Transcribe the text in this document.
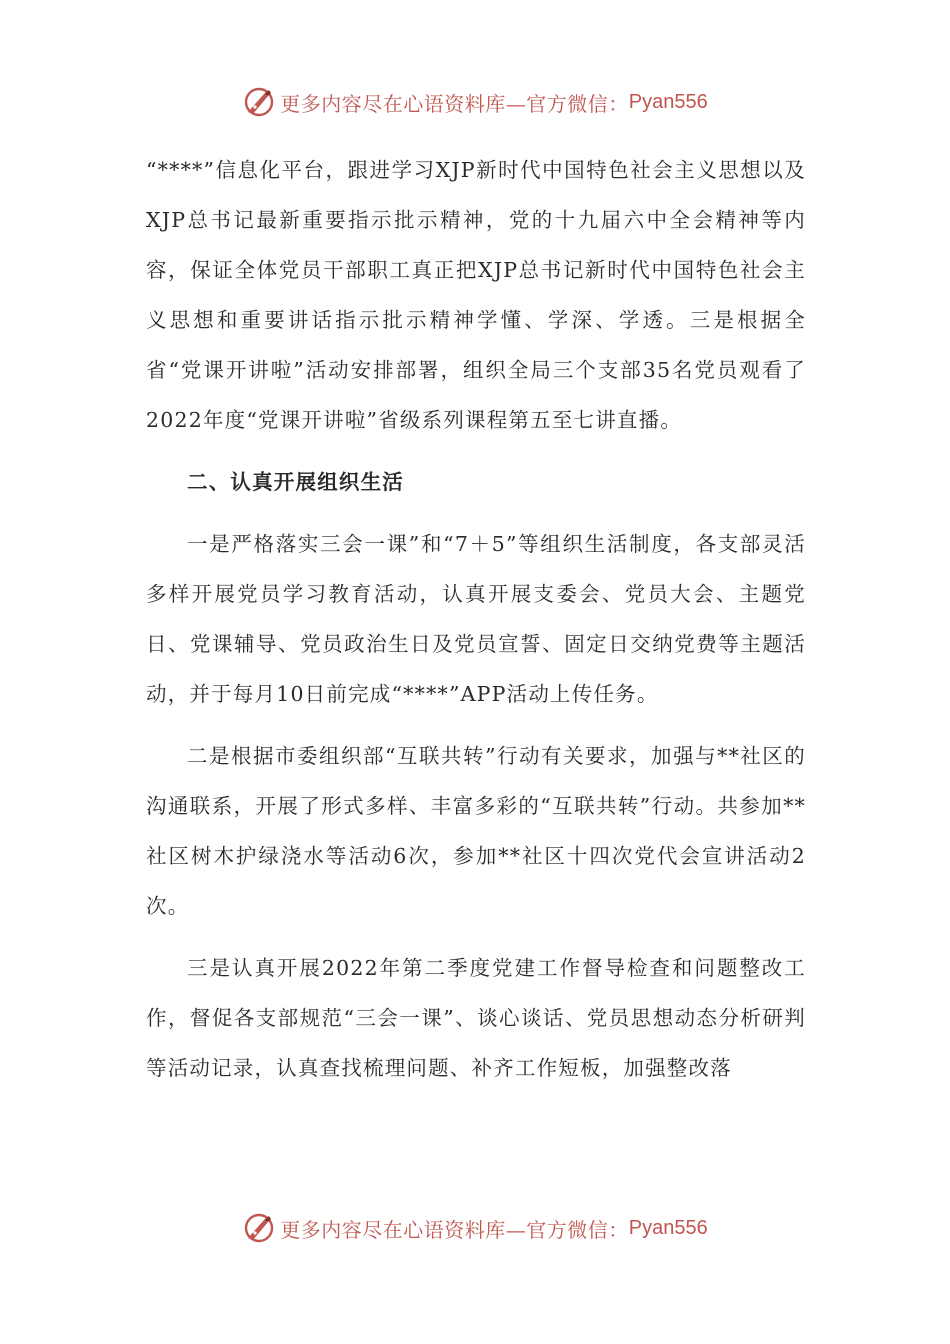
更多内容尽在心语资料库—官方微信： Pyan556

“****”信息化平台，跟进学习XJP新时代中国特色社会主义思想以及XJP总书记最新重要指示批示精神，党的十九届六中全会精神等内容，保证全体党员干部职工真正把XJP总书记新时代中国特色社会主义思想和重要讲话指示批示精神学懂、学深、学透。三是根据全省“党课开讲啦”活动安排部署，组织全局三个支部35名党员观看了2022年度“党课开讲啦”省级系列课程第五至七讲直播。

二、认真开展组织生活

一是严格落实三会一课”和“7＋5”等组织生活制度，各支部灵活多样开展党员学习教育活动，认真开展支委会、党员大会、主题党日、党课辅导、党员政治生日及党员宣誓、固定日交纳党费等主题活动，并于每月10日前完成“****”APP活动上传任务。

二是根据市委组织部“互联共转”行动有关要求，加强与**社区的沟通联系，开展了形式多样、丰富多彩的“互联共转”行动。共参加**社区树木护绿浇水等活动6次，参加**社区十四次党代会宣讲活动2次。

三是认真开展2022年第二季度党建工作督导检查和问题整改工作，督促各支部规范“三会一课”、谈心谈话、党员思想动态分析研判等活动记录，认真查找梳理问题、补齐工作短板，加强整改落

更多内容尽在心语资料库—官方微信： Pyan556
